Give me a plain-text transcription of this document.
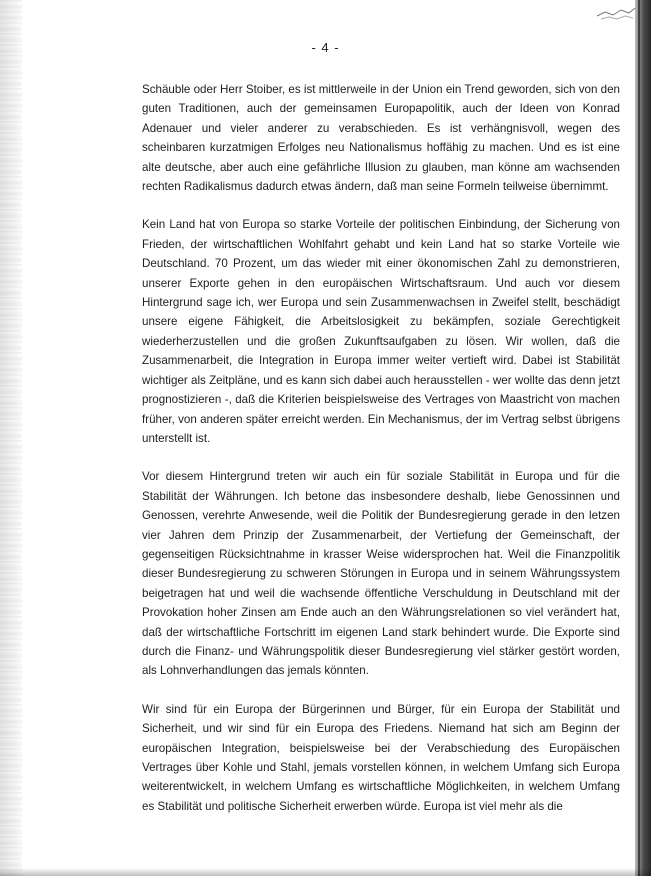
- 4 -

Schäuble oder Herr Stoiber, es ist mittlerweile in der Union ein Trend geworden, sich von den guten Traditionen, auch der gemeinsamen Europapolitik, auch der Ideen von Konrad Adenauer und vieler anderer zu verabschieden. Es ist verhängnisvoll, wegen des scheinbaren kurzatmigen Erfolges neu Nationalismus hoffähig zu machen. Und es ist eine alte deutsche, aber auch eine gefährliche Illusion zu glauben, man könne am wachsenden rechten Radikalismus dadurch etwas ändern, daß man seine Formeln teilweise übernimmt.

Kein Land hat von Europa so starke Vorteile der politischen Einbindung, der Sicherung von Frieden, der wirtschaftlichen Wohlfahrt gehabt und kein Land hat so starke Vorteile wie Deutschland. 70 Prozent, um das wieder mit einer ökonomischen Zahl zu demonstrieren, unserer Exporte gehen in den europäischen Wirtschaftsraum. Und auch vor diesem Hintergrund sage ich, wer Europa und sein Zusammenwachsen in Zweifel stellt, beschädigt unsere eigene Fähigkeit, die Arbeitslosigkeit zu bekämpfen, soziale Gerechtigkeit wiederherzustellen und die großen Zukunftsaufgaben zu lösen. Wir wollen, daß die Zusammenarbeit, die Integration in Europa immer weiter vertieft wird. Dabei ist Stabilität wichtiger als Zeitpläne, und es kann sich dabei auch herausstellen - wer wollte das denn jetzt prognostizieren -, daß die Kriterien beispielsweise des Vertrages von Maastricht von machen früher, von anderen später erreicht werden. Ein Mechanismus, der im Vertrag selbst übrigens unterstellt ist.

Vor diesem Hintergrund treten wir auch ein für soziale Stabilität in Europa und für die Stabilität der Währungen. Ich betone das insbesondere deshalb, liebe Genossinnen und Genossen, verehrte Anwesende, weil die Politik der Bundesregierung gerade in den letzen vier Jahren dem Prinzip der Zusammenarbeit, der Vertiefung der Gemeinschaft, der gegenseitigen Rücksichtnahme in krasser Weise widersprochen hat. Weil die Finanzpolitik dieser Bundesregierung zu schweren Störungen in Europa und in seinem Währungssystem beigetragen hat und weil die wachsende öffentliche Verschuldung in Deutschland mit der Provokation hoher Zinsen am Ende auch an den Währungsrelationen so viel verändert hat, daß der wirtschaftliche Fortschritt im eigenen Land stark behindert wurde. Die Exporte sind durch die Finanz- und Währungspolitik dieser Bundesregierung viel stärker gestört worden, als Lohnverhandlungen das jemals könnten.

Wir sind für ein Europa der Bürgerinnen und Bürger, für ein Europa der Stabilität und Sicherheit, und wir sind für ein Europa des Friedens. Niemand hat sich am Beginn der europäischen Integration, beispielsweise bei der Verabschiedung des Europäischen Vertrages über Kohle und Stahl, jemals vorstellen können, in welchem Umfang sich Europa weiterentwickelt, in welchem Umfang es wirtschaftliche Möglichkeiten, in welchem Umfang es Stabilität und politische Sicherheit erwerben würde. Europa ist viel mehr als die
